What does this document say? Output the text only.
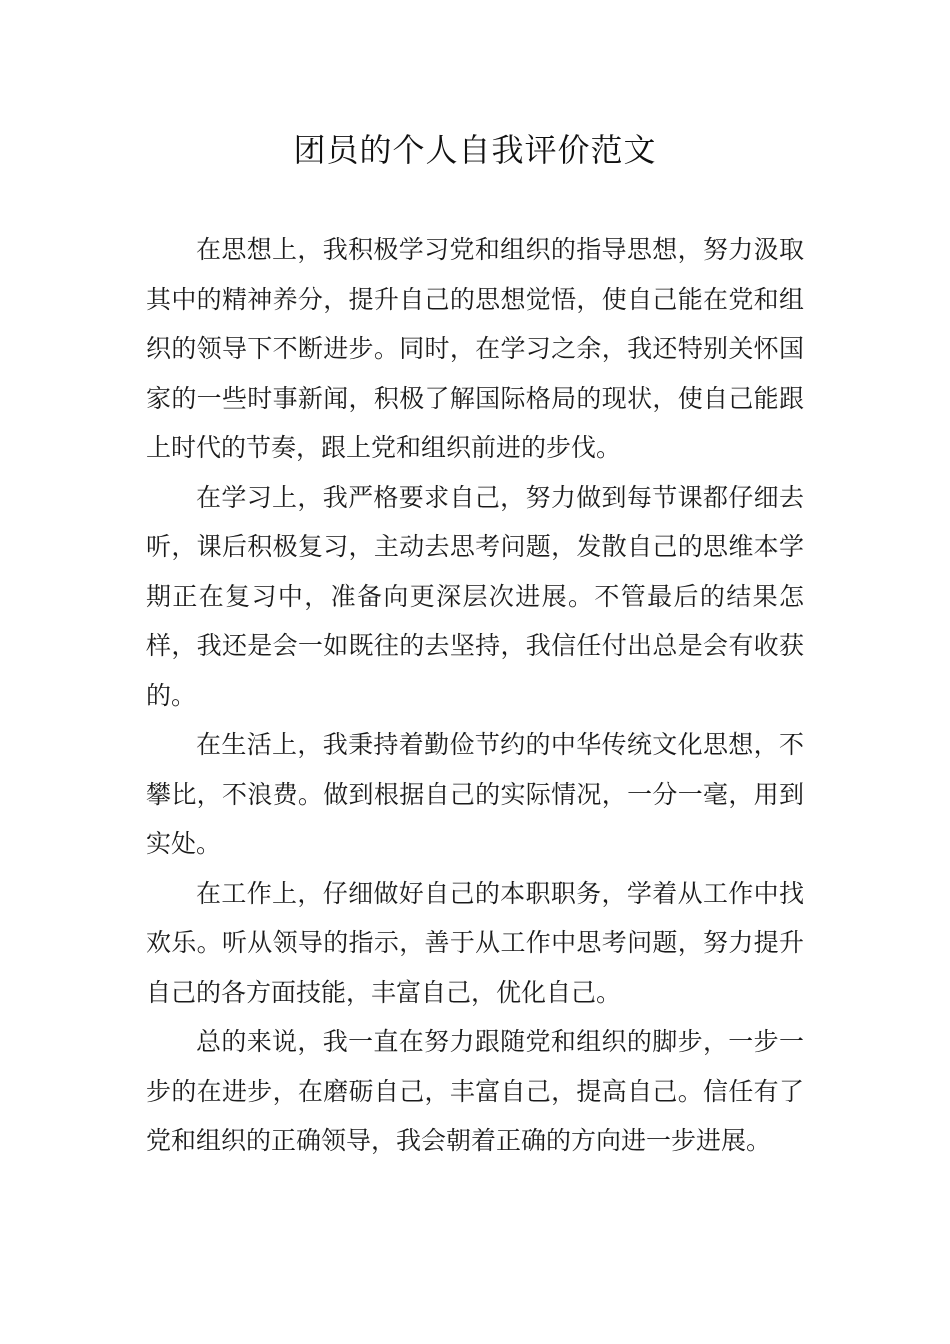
团员的个人自我评价范文

在思想上，我积极学习党和组织的指导思想，努力汲取其中的精神养分，提升自己的思想觉悟，使自己能在党和组织的领导下不断进步。同时，在学习之余，我还特别关怀国家的一些时事新闻，积极了解国际格局的现状，使自己能跟上时代的节奏，跟上党和组织前进的步伐。

在学习上，我严格要求自己，努力做到每节课都仔细去听，课后积极复习，主动去思考问题，发散自己的思维本学期正在复习中，准备向更深层次进展。不管最后的结果怎样，我还是会一如既往的去坚持，我信任付出总是会有收获的。

在生活上，我秉持着勤俭节约的中华传统文化思想，不攀比，不浪费。做到根据自己的实际情况，一分一毫，用到实处。

在工作上，仔细做好自己的本职职务，学着从工作中找欢乐。听从领导的指示，善于从工作中思考问题，努力提升自己的各方面技能，丰富自己，优化自己。

总的来说，我一直在努力跟随党和组织的脚步，一步一步的在进步，在磨砺自己，丰富自己，提高自己。信任有了党和组织的正确领导，我会朝着正确的方向进一步进展。
